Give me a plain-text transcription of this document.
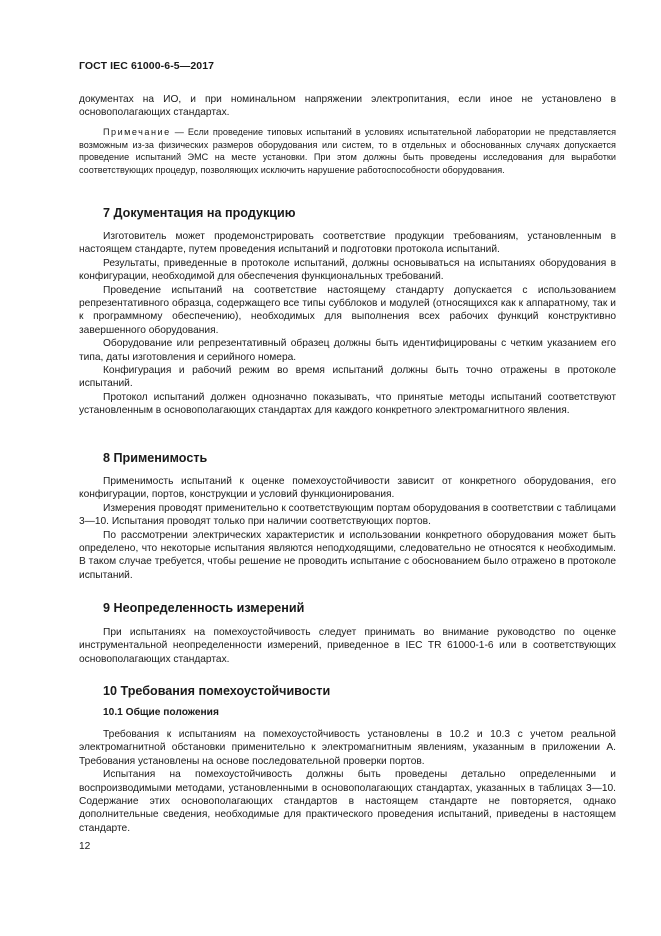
ГОСТ IEC 61000-6-5—2017

документах на ИО, и при номинальном напряжении электропитания, если иное не установлено в основополагающих стандартах.

Примечание — Если проведение типовых испытаний в условиях испытательной лаборатории не представляется возможным из-за физических размеров оборудования или систем, то в отдельных и обоснованных случаях допускается проведение испытаний ЭМС на месте установки. При этом должны быть проведены исследования для выработки соответствующих процедур, позволяющих исключить нарушение работоспособности оборудования.

7 Документация на продукцию

Изготовитель может продемонстрировать соответствие продукции требованиям, установленным в настоящем стандарте, путем проведения испытаний и подготовки протокола испытаний.

Результаты, приведенные в протоколе испытаний, должны основываться на испытаниях оборудования в конфигурации, необходимой для обеспечения функциональных требований.

Проведение испытаний на соответствие настоящему стандарту допускается с использованием репрезентативного образца, содержащего все типы субблоков и модулей (относящихся как к аппаратному, так и к программному обеспечению), необходимых для выполнения всех рабочих функций конструктивно завершенного оборудования.

Оборудование или репрезентативный образец должны быть идентифицированы с четким указанием его типа, даты изготовления и серийного номера.

Конфигурация и рабочий режим во время испытаний должны быть точно отражены в протоколе испытаний.

Протокол испытаний должен однозначно показывать, что принятые методы испытаний соответствуют установленным в основополагающих стандартах для каждого конкретного электромагнитного явления.

8 Применимость

Применимость испытаний к оценке помехоустойчивости зависит от конкретного оборудования, его конфигурации, портов, конструкции и условий функционирования.

Измерения проводят применительно к соответствующим портам оборудования в соответствии с таблицами 3—10. Испытания проводят только при наличии соответствующих портов.

По рассмотрении электрических характеристик и использовании конкретного оборудования может быть определено, что некоторые испытания являются неподходящими, следовательно не относятся к необходимым. В таком случае требуется, чтобы решение не проводить испытание с обоснованием было отражено в протоколе испытаний.

9 Неопределенность измерений

При испытаниях на помехоустойчивость следует принимать во внимание руководство по оценке инструментальной неопределенности измерений, приведенное в IEC TR 61000-1-6 или в соответствующих основополагающих стандартах.

10 Требования помехоустойчивости
10.1 Общие положения

Требования к испытаниям на помехоустойчивость установлены в 10.2 и 10.3 с учетом реальной электромагнитной обстановки применительно к электромагнитным явлениям, указанным в приложении А. Требования установлены на основе последовательной проверки портов.

Испытания на помехоустойчивость должны быть проведены детально определенными и воспроизводимыми методами, установленными в основополагающих стандартах, указанных в таблицах 3—10. Содержание этих основополагающих стандартов в настоящем стандарте не повторяется, однако дополнительные сведения, необходимые для практического проведения испытаний, приведены в настоящем стандарте.

12
